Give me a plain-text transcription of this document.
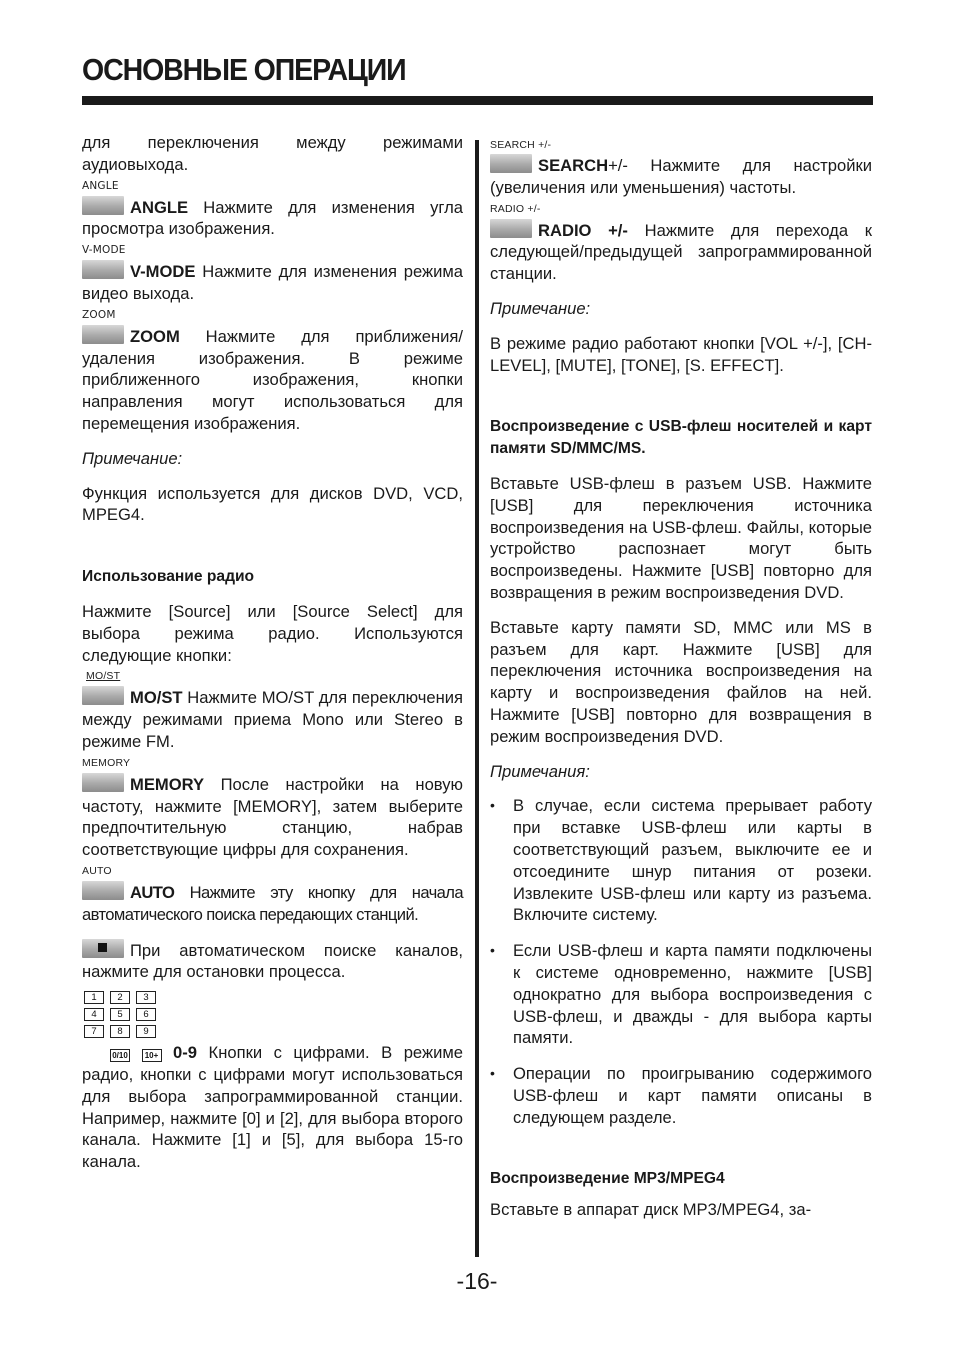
ОСНОВНЫЕ ОПЕРАЦИИ

для переключения между режимами аудиовыхода.

ANGLE

ANGLE Нажмите для изменения угла просмотра изображения.

V-MODE

V-MODE Нажмите для изменения режима видео выхода.

ZOOM

ZOOM Нажмите для приближения/удаления изображения. В режиме приближенного изображения, кнопки направления могут использоваться для перемещения изображения.

Примечание:

Функция используется для дисков DVD, VCD, MPEG4.

Использование радио

Нажмите [Source] или [Source Select] для выбора режима радио. Используются следующие кнопки:

MO/ST

MO/ST Нажмите MO/ST для переключения между режимами приема Mono или Stereo в режиме FM.

MEMORY

MEMORY После настройки на новую частоту, нажмите [MEMORY], затем выберите предпочтительную станцию, набрав соответствующие цифры для сохранения.

AUTO

AUTO Нажмите эту кнопку для начала автоматического поиска передающих станций.

При автоматическом поиске каналов, нажмите для остановки процесса.

1	2	3
4	5	6
7	8	9

0/10 10+ 0-9 Кнопки с цифрами. В режиме радио, кнопки с цифрами могут использоваться для выбора запрограммированной станции. Например, нажмите [0] и [2], для выбора второго канала. Нажмите [1] и [5], для выбора 15-го канала.

SEARCH +/-

SEARCH+/- Нажмите для настройки (увеличения или уменьшения) частоты.

RADIO +/-

RADIO +/- Нажмите для перехода к следующей/предыдущей запрограммированной станции.

Примечание:

В режиме радио работают кнопки [VOL +/-], [CH-LEVEL], [MUTE], [TONE], [S. EFFECT].

Воспроизведение с USB-флеш носителей и карт памяти SD/MMC/MS.

Вставьте USB-флеш в разъем USB. Нажмите [USB] для переключения источника воспроизведения на USB-флеш. Файлы, которые устройство распознает могут быть воспроизведены. Нажмите [USB] повторно для возвращения в режим воспроизведения DVD.

Вставьте карту памяти SD, MMC или MS в разъем для карт. Нажмите [USB] для переключения источника воспроизведения на карту и воспроизведения файлов на ней. Нажмите [USB] повторно для возвращения в режим воспроизведения DVD.

Примечания:

• В случае, если система прерывает работу при вставке USB-флеш или карты в соответствующий разъем, выключите ее и отсоедините шнур питания от розеки. Извлеките USB-флеш или карту из разъема. Включите систему.
• Если USB-флеш и карта памяти подключены к системе одновременно, нажмите [USB] однократно для выбора воспроизведения с USB-флеш, и дважды - для выбора карты памяти.
• Операции по проигрыванию содержимого USB-флеш и карт памяти описаны в следующем разделе.

Воспроизведение MP3/MPEG4

Вставьте в аппарат диск MP3/MPEG4, за-

-16-
